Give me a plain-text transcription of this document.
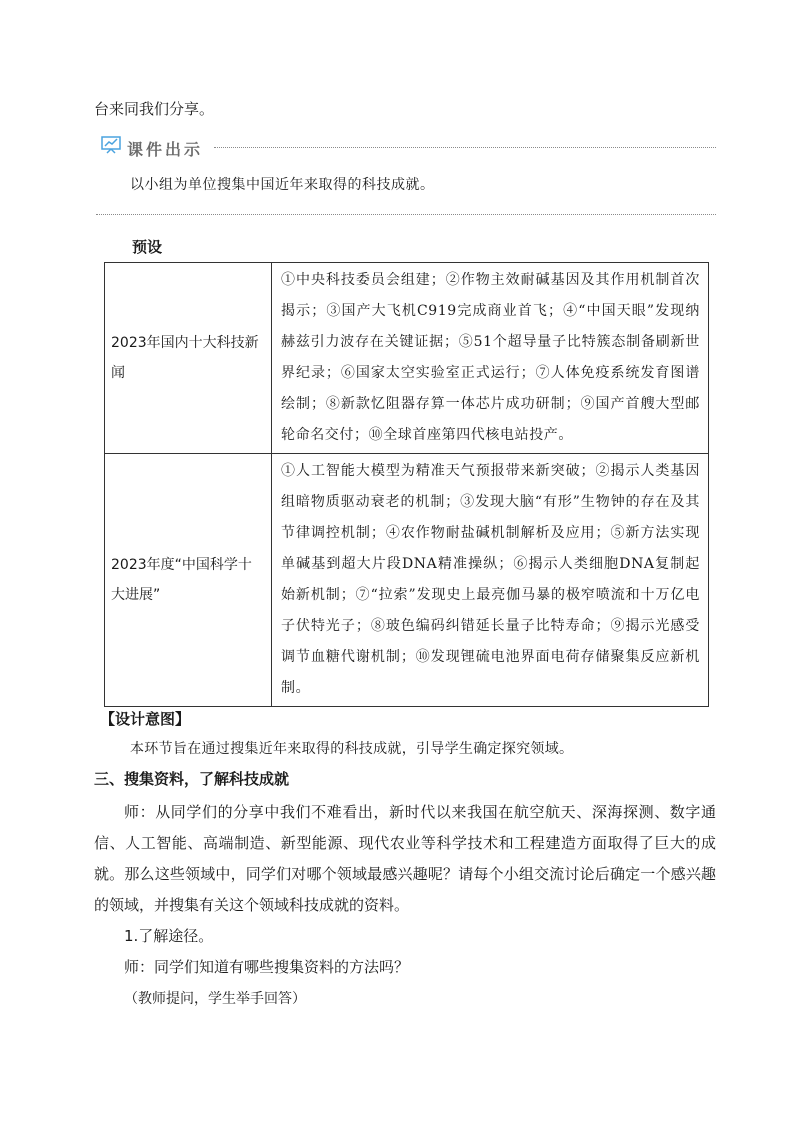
台来同我们分享。
课件出示
以小组为单位搜集中国近年来取得的科技成就。
预设
2023年国内十大科技新闻	①中央科技委员会组建；②作物主效耐碱基因及其作用机制首次揭示；③国产大飞机C919完成商业首飞；④“中国天眼”发现纳赫兹引力波存在关键证据；⑤51个超导量子比特簇态制备刷新世界纪录；⑥国家太空实验室正式运行；⑦人体免疫系统发育图谱绘制；⑧新款忆阻器存算一体芯片成功研制；⑨国产首艘大型邮轮命名交付；⑩全球首座第四代核电站投产。
2023年度“中国科学十大进展”	①人工智能大模型为精准天气预报带来新突破；②揭示人类基因组暗物质驱动衰老的机制；③发现大脑“有形”生物钟的存在及其节律调控机制；④农作物耐盐碱机制解析及应用；⑤新方法实现单碱基到超大片段DNA精准操纵；⑥揭示人类细胞DNA复制起始新机制；⑦“拉索”发现史上最亮伽马暴的极窄喷流和十万亿电子伏特光子；⑧玻色编码纠错延长量子比特寿命；⑨揭示光感受调节血糖代谢机制；⑩发现锂硫电池界面电荷存储聚集反应新机制。
【设计意图】
本环节旨在通过搜集近年来取得的科技成就，引导学生确定探究领域。
三、搜集资料，了解科技成就
师：从同学们的分享中我们不难看出，新时代以来我国在航空航天、深海探测、数字通信、人工智能、高端制造、新型能源、现代农业等科学技术和工程建造方面取得了巨大的成就。那么这些领域中，同学们对哪个领域最感兴趣呢？请每个小组交流讨论后确定一个感兴趣的领域，并搜集有关这个领域科技成就的资料。
1.了解途径。
师：同学们知道有哪些搜集资料的方法吗？
（教师提问，学生举手回答）
